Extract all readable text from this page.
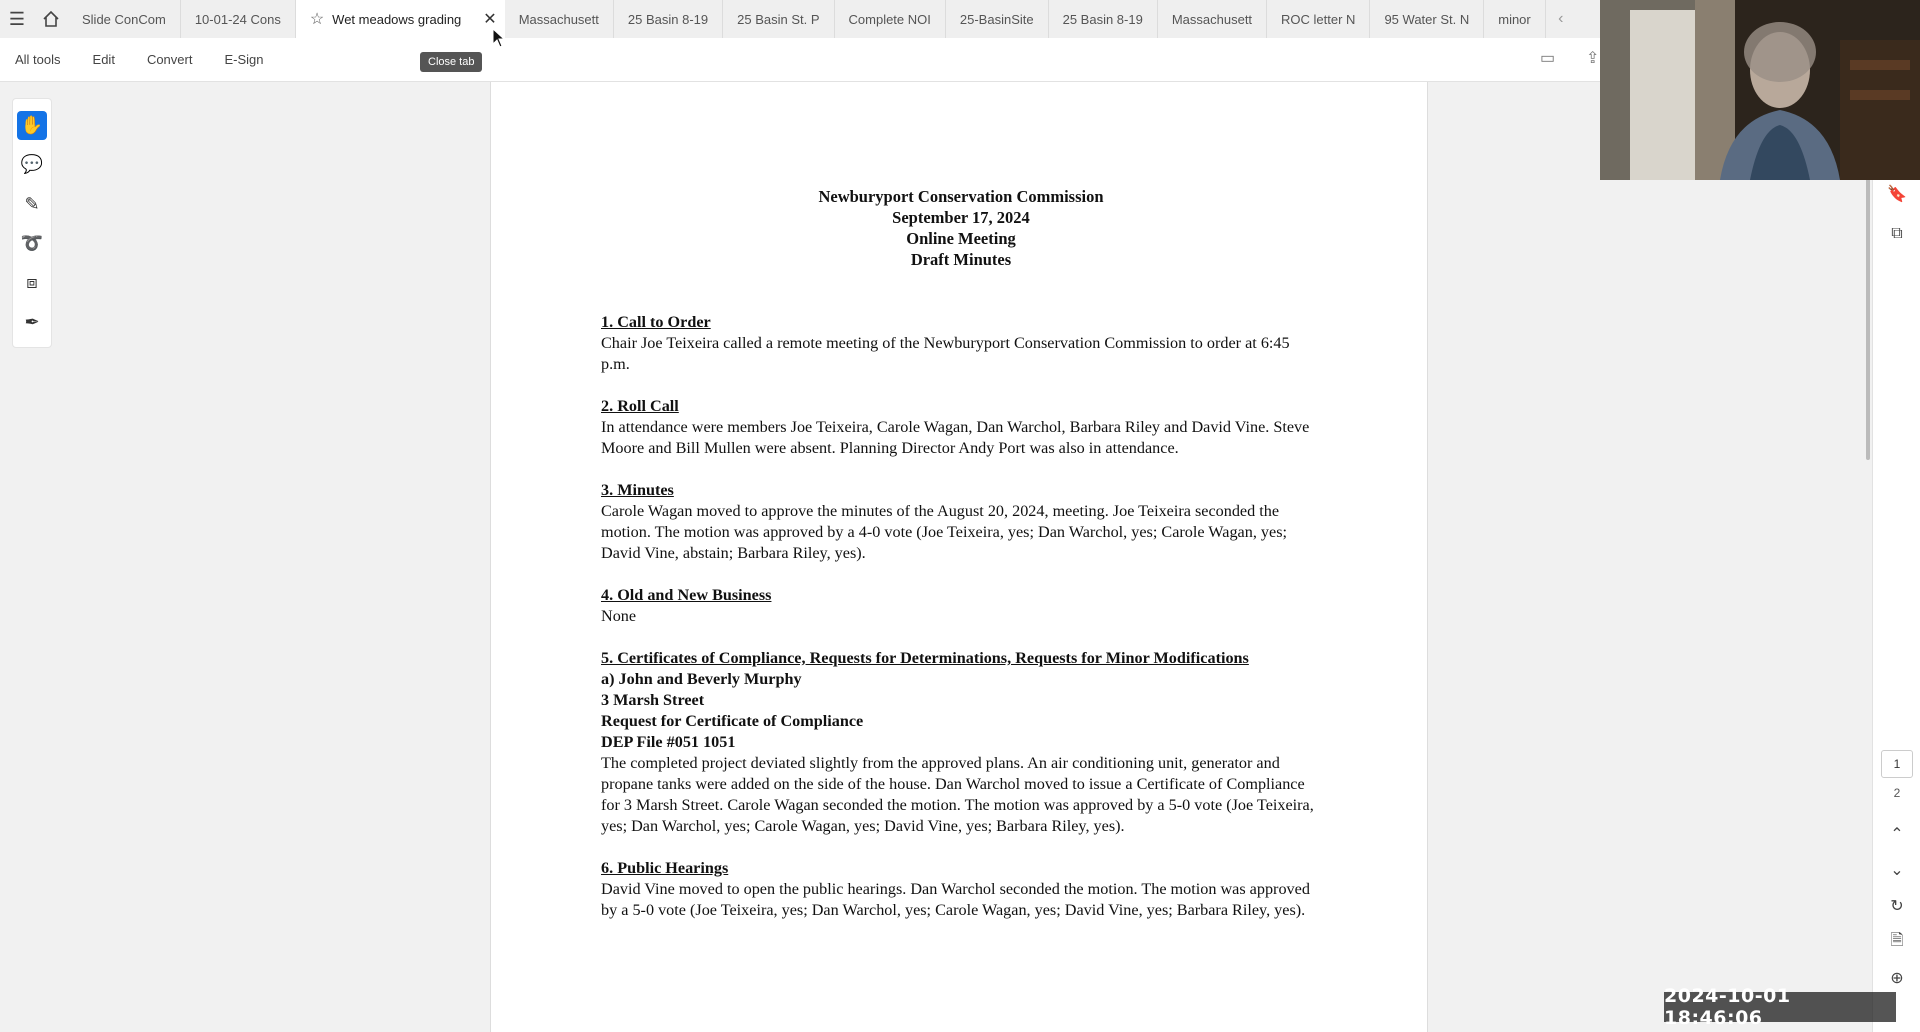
☰	Slide ConCom 10-01-24 Cons ☆ Wet meadows grading ✕ Massachusett 25 Basin 8-19 25 Basin St. P Complete NOI 25-BasinSite 25 Basin 8-19 Massachusett ROC letter N 95 Water St. N minor	‹
All tools Edit Convert E-Sign	Close tab	▭ ⇪
✋
💬
✎
➰
⧈
✒
Newburyport Conservation Commission
September 17, 2024
Online Meeting
Draft Minutes
1. Call to Order
Chair Joe Teixeira called a remote meeting of the Newburyport Conservation Commission to order at 6:45 p.m.
2. Roll Call
In attendance were members Joe Teixeira, Carole Wagan, Dan Warchol, Barbara Riley and David Vine. Steve Moore and Bill Mullen were absent. Planning Director Andy Port was also in attendance.
3. Minutes
Carole Wagan moved to approve the minutes of the August 20, 2024, meeting. Joe Teixeira seconded the motion. The motion was approved by a 4-0 vote (Joe Teixeira, yes; Dan Warchol, yes; Carole Wagan, yes; David Vine, abstain; Barbara Riley, yes).
4. Old and New Business
None
5. Certificates of Compliance, Requests for Determinations, Requests for Minor Modifications
a) John and Beverly Murphy
3 Marsh Street
Request for Certificate of Compliance
DEP File #051 1051
The completed project deviated slightly from the approved plans. An air conditioning unit, generator and propane tanks were added on the side of the house. Dan Warchol moved to issue a Certificate of Compliance for 3 Marsh Street. Carole Wagan seconded the motion. The motion was approved by a 5-0 vote (Joe Teixeira, yes; Dan Warchol, yes; Carole Wagan, yes; David Vine, yes; Barbara Riley, yes).
6. Public Hearings
David Vine moved to open the public hearings. Dan Warchol seconded the motion. The motion was approved by a 5-0 vote (Joe Teixeira, yes; Dan Warchol, yes; Carole Wagan, yes; David Vine, yes; Barbara Riley, yes).
🔖
⧉
1
2
⌃
⌄
↻
🗎
⊕
2024-10-01 18:46:06
